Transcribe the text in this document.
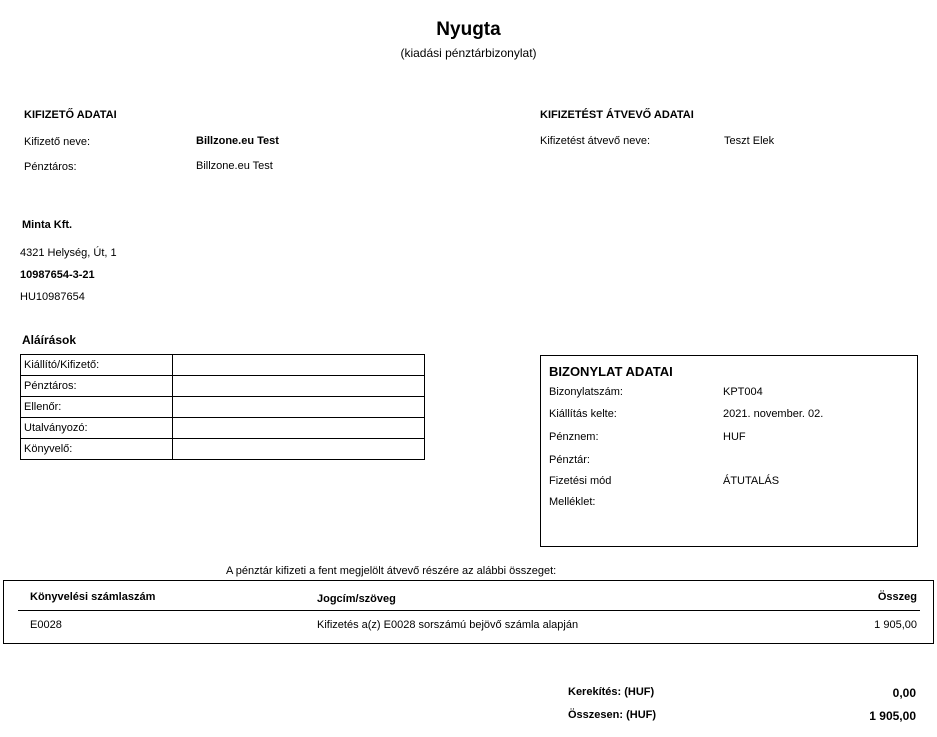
Nyugta
(kiadási pénztárbizonylat)
KIFIZETŐ ADATAI
Kifizető neve:	Billzone.eu Test
Pénztáros:	Billzone.eu Test
KIFIZETÉST ÁTVEVŐ ADATAI
Kifizetést átvevő neve:	Teszt Elek
Minta Kft.
4321 Helység, Út, 1
10987654-3-21
HU10987654
Aláírások
Kiállító/Kifizető:	
Pénztáros:	
Ellenőr:	
Utalványozó:	
Könyvelő:	
BIZONYLAT ADATAI
Bizonylatszám:	KPT004
Kiállítás kelte:	2021. november. 02.
Pénznem:	HUF
Pénztár:
Fizetési mód	ÁTUTALÁS
Melléklet:
A pénztár kifizeti a fent megjelölt átvevő részére az alábbi összeget:
Könyvelési számlaszám	Jogcím/szöveg	Összeg
E0028	Kifizetés a(z) E0028 sorszámú bejövő számla alapján	1 905,00
Kerekítés: (HUF)	0,00
Összesen: (HUF)	1 905,00
